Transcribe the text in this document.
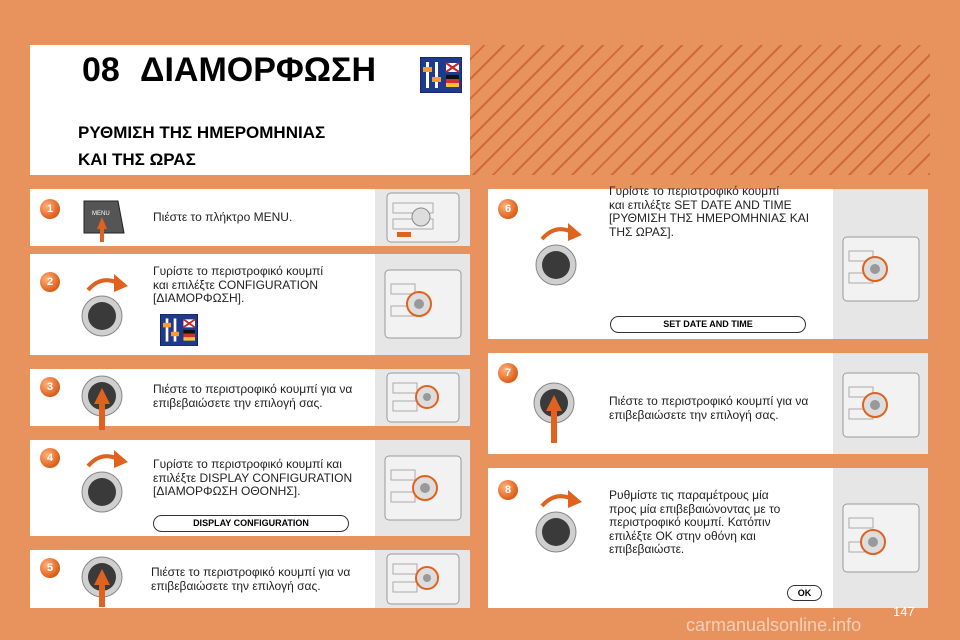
08 ΔΙΑΜΟΡΦΩΣΗ
ΡΥΘΜΙΣΗ ΤΗΣ ΗΜΕΡΟΜΗΝΙΑΣ
ΚΑΙ ΤΗΣ ΩΡΑΣ
1	MENU	Πιέστε το πλήκτρο MENU.
2
Γυρίστε το περιστροφικό κουμπί
και επιλέξτε CONFIGURATION
[ΔΙΑΜΟΡΦΩΣΗ].
3	Πιέστε το περιστροφικό κουμπί για να
επιβεβαιώσετε την επιλογή σας.
4	Γυρίστε το περιστροφικό κουμπί και
επιλέξτε DISPLAY CONFIGURATION
[ΔΙΑΜΟΡΦΩΣΗ ΟΘΟΝΗΣ].
DISPLAY CONFIGURATION
5	Πιέστε το περιστροφικό κουμπί για να
επιβεβαιώσετε την επιλογή σας.
6
Γυρίστε το περιστροφικό κουμπί
και επιλέξτε SET DATE AND TIME
[ΡΥΘΜΙΣΗ ΤΗΣ ΗΜΕΡΟΜΗΝΙΑΣ ΚΑΙ
ΤΗΣ ΩΡΑΣ].
SET DATE AND TIME
7
Πιέστε το περιστροφικό κουμπί για να
επιβεβαιώσετε την επιλογή σας.
8	Ρυθμίστε τις παραμέτρους μία
προς μία επιβεβαιώνοντας με το
περιστροφικό κουμπί. Κατόπιν
επιλέξτε ΟΚ στην οθόνη και
επιβεβαιώστε.
OK
147
carmanualsonline.info
